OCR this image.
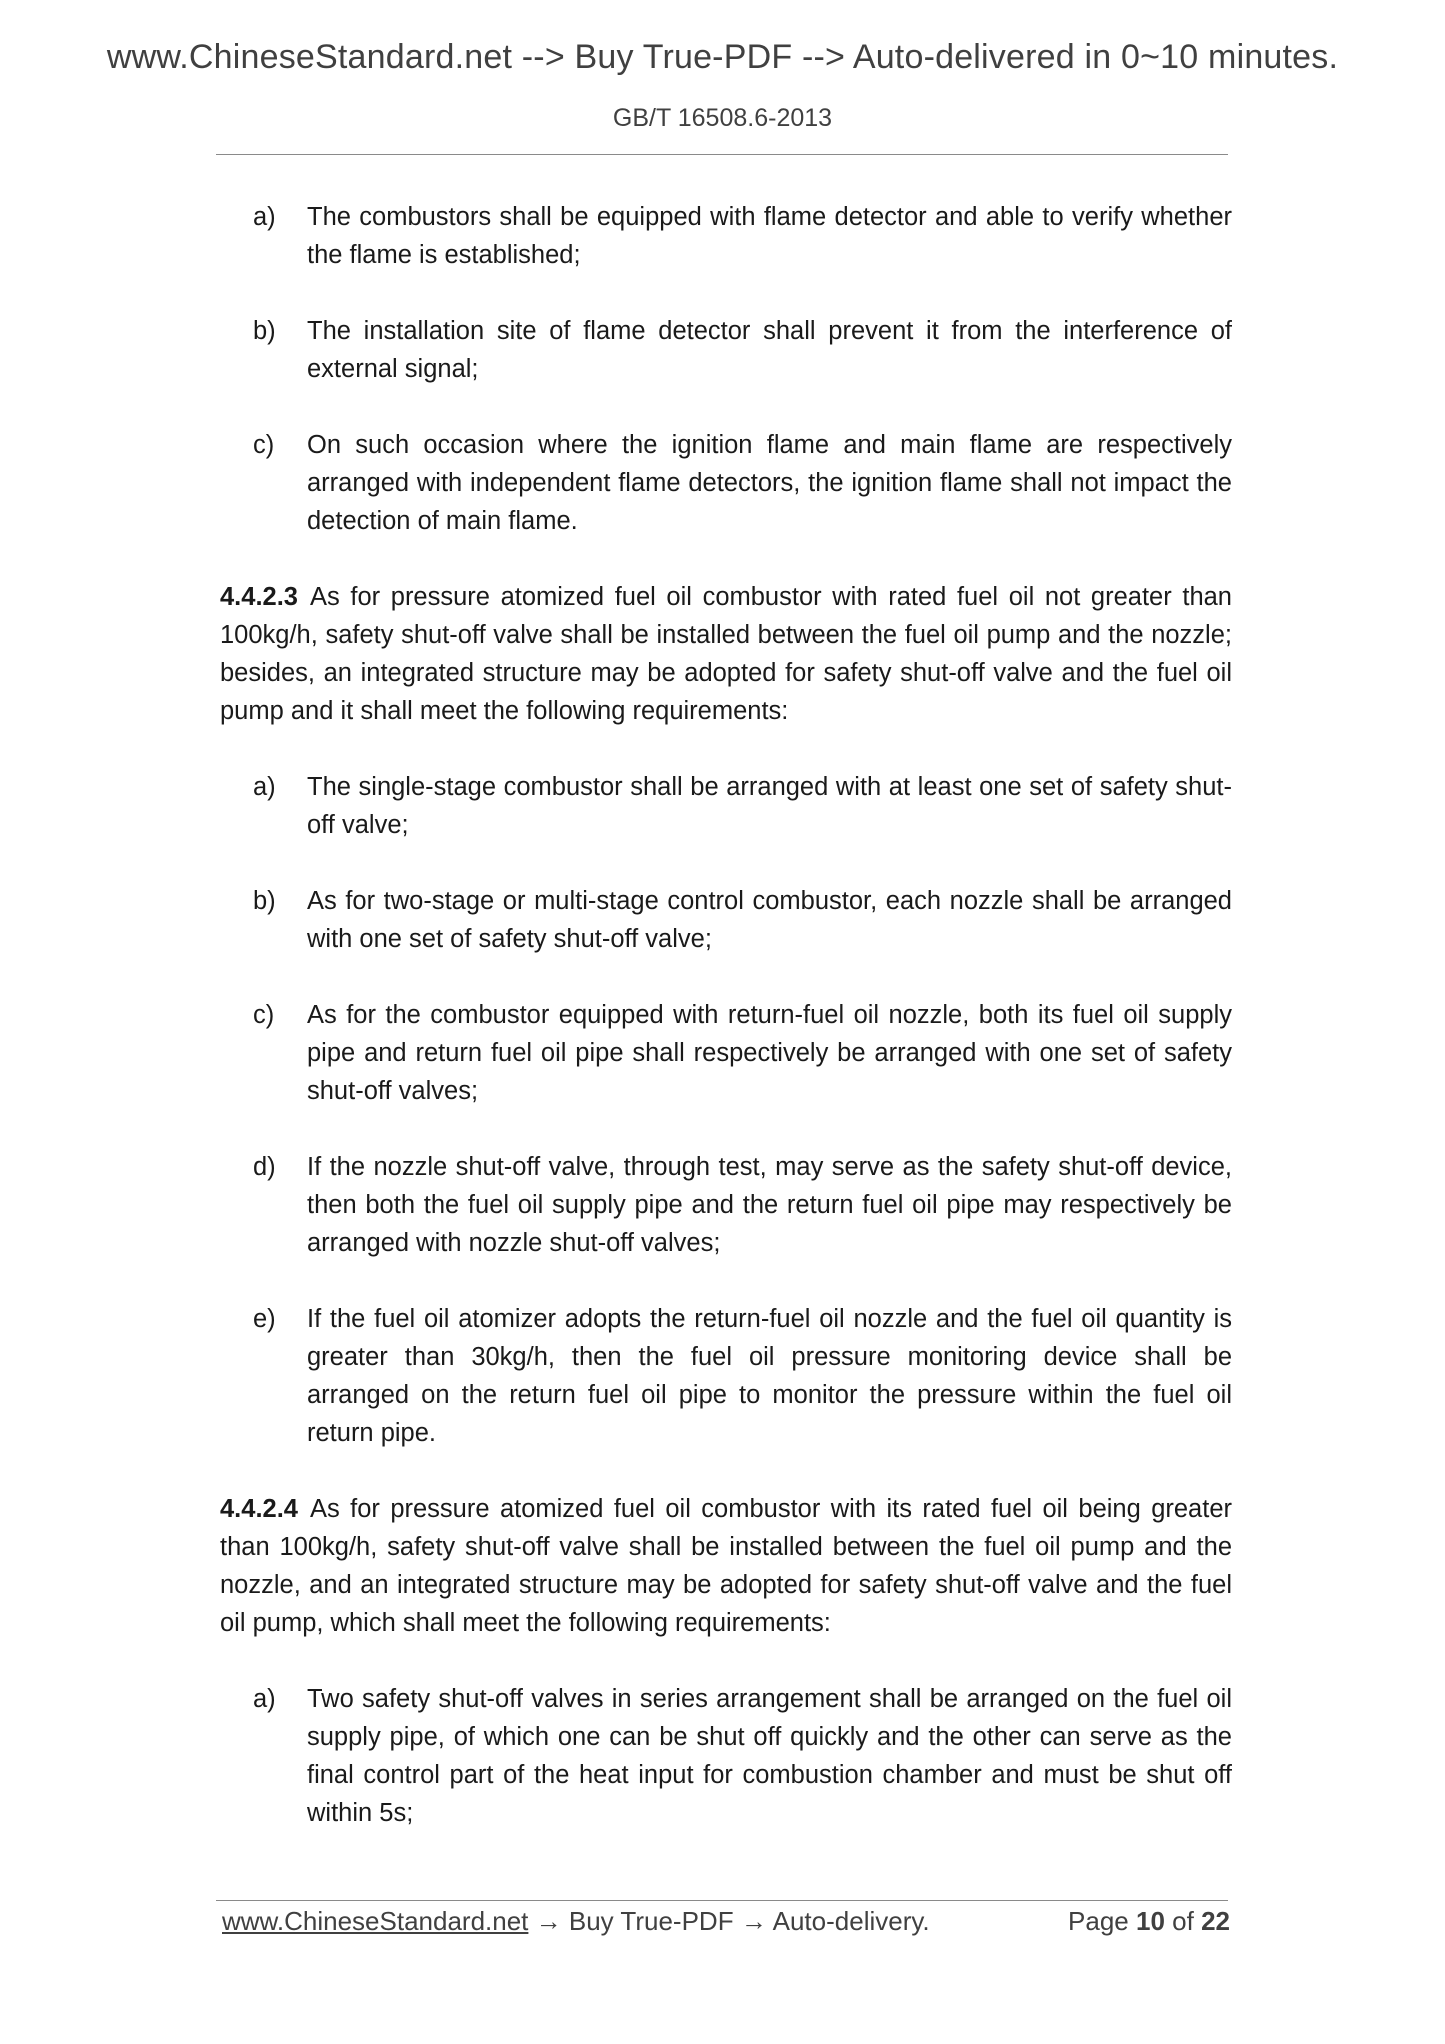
www.ChineseStandard.net --> Buy True-PDF --> Auto-delivered in 0~10 minutes.
GB/T 16508.6-2013
a) The combustors shall be equipped with flame detector and able to verify whether the flame is established;
b) The installation site of flame detector shall prevent it from the interference of external signal;
c) On such occasion where the ignition flame and main flame are respectively arranged with independent flame detectors, the ignition flame shall not impact the detection of main flame.
4.4.2.3 As for pressure atomized fuel oil combustor with rated fuel oil not greater than 100kg/h, safety shut-off valve shall be installed between the fuel oil pump and the nozzle; besides, an integrated structure may be adopted for safety shut-off valve and the fuel oil pump and it shall meet the following requirements:
a) The single-stage combustor shall be arranged with at least one set of safety shut-off valve;
b) As for two-stage or multi-stage control combustor, each nozzle shall be arranged with one set of safety shut-off valve;
c) As for the combustor equipped with return-fuel oil nozzle, both its fuel oil supply pipe and return fuel oil pipe shall respectively be arranged with one set of safety shut-off valves;
d) If the nozzle shut-off valve, through test, may serve as the safety shut-off device, then both the fuel oil supply pipe and the return fuel oil pipe may respectively be arranged with nozzle shut-off valves;
e) If the fuel oil atomizer adopts the return-fuel oil nozzle and the fuel oil quantity is greater than 30kg/h, then the fuel oil pressure monitoring device shall be arranged on the return fuel oil pipe to monitor the pressure within the fuel oil return pipe.
4.4.2.4 As for pressure atomized fuel oil combustor with its rated fuel oil being greater than 100kg/h, safety shut-off valve shall be installed between the fuel oil pump and the nozzle, and an integrated structure may be adopted for safety shut-off valve and the fuel oil pump, which shall meet the following requirements:
a) Two safety shut-off valves in series arrangement shall be arranged on the fuel oil supply pipe, of which one can be shut off quickly and the other can serve as the final control part of the heat input for combustion chamber and must be shut off within 5s;
www.ChineseStandard.net → Buy True-PDF → Auto-delivery.	Page 10 of 22
